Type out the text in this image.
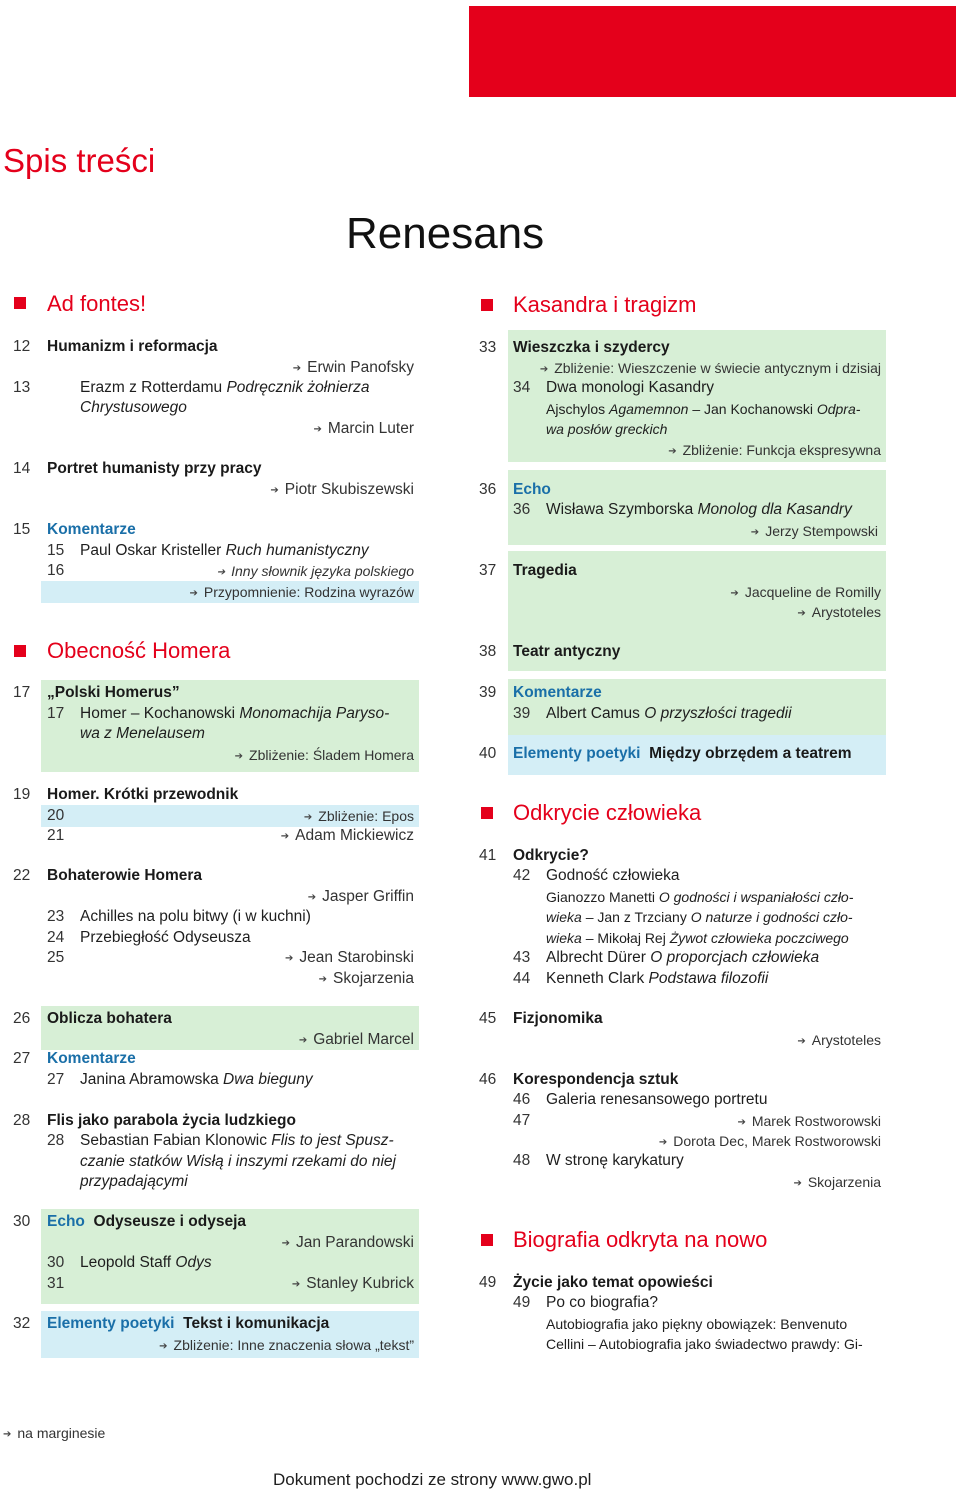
Spis treści
Renesans
Ad fontes!
12 Humanizm i reformacja
➔ Erwin Panofsky
13	Erazm z Rotterdamu Podręcznik żołnierza
Chrystusowego
➔ Marcin Luter
14 Portret humanisty przy pracy
➔ Piotr Skubiszewski
15 Komentarze
15 Paul Oskar Kristeller Ruch humanistyczny
16	➔ Inny słownik języka polskiego
➔ Przypomnienie: Rodzina wyrazów
Obecność Homera
17 „Polski Homerus”
17 Homer – Kochanowski Monomachija Paryso-
wa z Menelausem
➔ Zbliżenie: Śladem Homera
19 Homer. Krótki przewodnik
20	➔ Zbliżenie: Epos
21	➔ Adam Mickiewicz
22 Bohaterowie Homera
➔ Jasper Griffin
23 Achilles na polu bitwy (i w kuchni)
24 Przebiegłość Odyseusza
25	➔ Jean Starobinski
➔ Skojarzenia
26 Oblicza bohatera
➔ Gabriel Marcel
27 Komentarze
27 Janina Abramowska Dwa bieguny
28 Flis jako parabola życia ludzkiego
28 Sebastian Fabian Klonowic Flis to jest Spusz-
czanie statków Wisłą i inszymi rzekami do niej
przypadającymi
30 Echo Odyseusze i odyseja
➔ Jan Parandowski
30 Leopold Staff Odys
31	➔ Stanley Kubrick
32 Elementy poetyki Tekst i komunikacja
➔ Zbliżenie: Inne znaczenia słowa „tekst”
Kasandra i tragizm
33 Wieszczka i szydercy
➔ Zbliżenie: Wieszczenie w świecie antycznym i dzisiaj
34 Dwa monologi Kasandry
Ajschylos Agamemnon – Jan Kochanowski Odpra-
wa posłów greckich
➔ Zbliżenie: Funkcja ekspresywna
36 Echo
36 Wisława Szymborska Monolog dla Kasandry
➔ Jerzy Stempowski
37 Tragedia
➔ Jacqueline de Romilly
➔ Arystoteles
38 Teatr antyczny
39 Komentarze
39 Albert Camus O przyszłości tragedii
40 Elementy poetyki Między obrzędem a teatrem
Odkrycie człowieka
41 Odkrycie?
42 Godność człowieka
Gianozzo Manetti O godności i wspaniałości czło-
wieka – Jan z Trzciany O naturze i godności czło-
wieka – Mikołaj Rej Żywot człowieka poczciwego
43 Albrecht Dürer O proporcjach człowieka
44 Kenneth Clark Podstawa filozofii
45 Fizjonomika
➔ Arystoteles
46 Korespondencja sztuk
46 Galeria renesansowego portretu
47	➔ Marek Rostworowski
➔ Dorota Dec, Marek Rostworowski
48 W stronę karykatury
➔ Skojarzenia
Biografia odkryta na nowo
49 Życie jako temat opowieści
49 Po co biografia?
Autobiografia jako piękny obowiązek: Benvenuto
Cellini – Autobiografia jako świadectwo prawdy: Gi-
➔ na marginesie
Dokument pochodzi ze strony www.gwo.pl
